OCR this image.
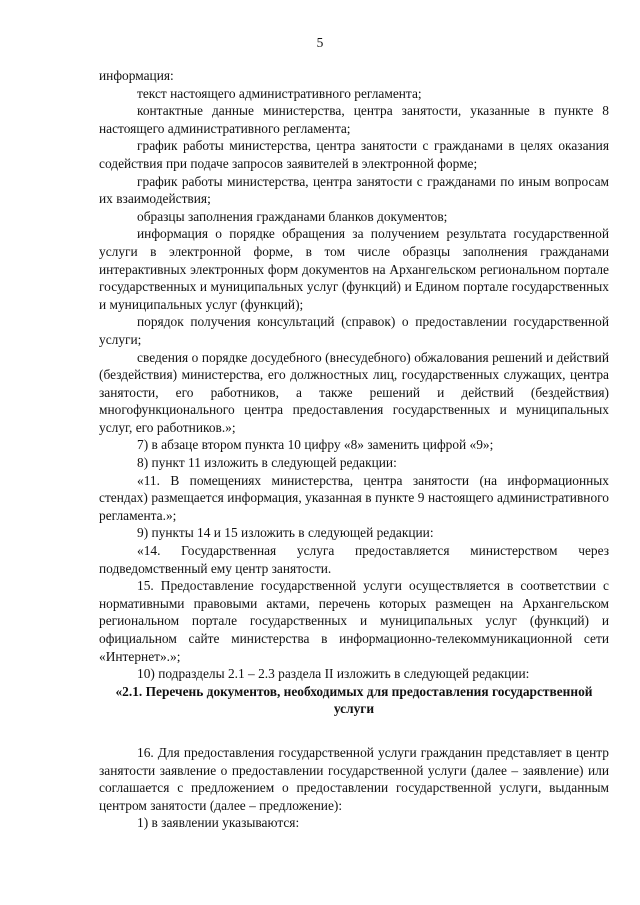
5

информация:

текст настоящего административного регламента;

контактные данные министерства, центра занятости, указанные в пункте 8 настоящего административного регламента;

график работы министерства, центра занятости с гражданами в целях оказания содействия при подаче запросов заявителей в электронной форме;

график работы министерства, центра занятости с гражданами по иным вопросам их взаимодействия;

образцы заполнения гражданами бланков документов;

информация о порядке обращения за получением результата государственной услуги в электронной форме, в том числе образцы заполнения гражданами интерактивных электронных форм документов на Архангельском региональном портале государственных и муниципальных услуг (функций) и Едином портале государственных и муниципальных услуг (функций);

порядок получения консультаций (справок) о предоставлении государственной услуги;

сведения о порядке досудебного (внесудебного) обжалования решений и действий (бездействия) министерства, его должностных лиц, государственных служащих, центра занятости, его работников, а также решений и действий (бездействия) многофункционального центра предоставления государственных и муниципальных услуг, его работников.»;

7) в абзаце втором пункта 10 цифру «8» заменить цифрой «9»;

8) пункт 11 изложить в следующей редакции:

«11. В помещениях министерства, центра занятости (на информационных стендах) размещается информация, указанная в пункте 9 настоящего административного регламента.»;

9) пункты 14 и 15 изложить в следующей редакции:

«14. Государственная услуга предоставляется министерством через подведомственный ему центр занятости.

15. Предоставление государственной услуги осуществляется в соответствии с нормативными правовыми актами, перечень которых размещен на Архангельском региональном портале государственных и муниципальных услуг (функций) и официальном сайте министерства в информационно-телекоммуникационной сети «Интернет».»;

10) подразделы 2.1 – 2.3 раздела II изложить в следующей редакции:

«2.1. Перечень документов, необходимых для предоставления государственной услуги

16. Для предоставления государственной услуги гражданин представляет в центр занятости заявление о предоставлении государственной услуги (далее – заявление) или соглашается с предложением о предоставлении государственной услуги, выданным центром занятости (далее – предложение):

1) в заявлении указываются:
